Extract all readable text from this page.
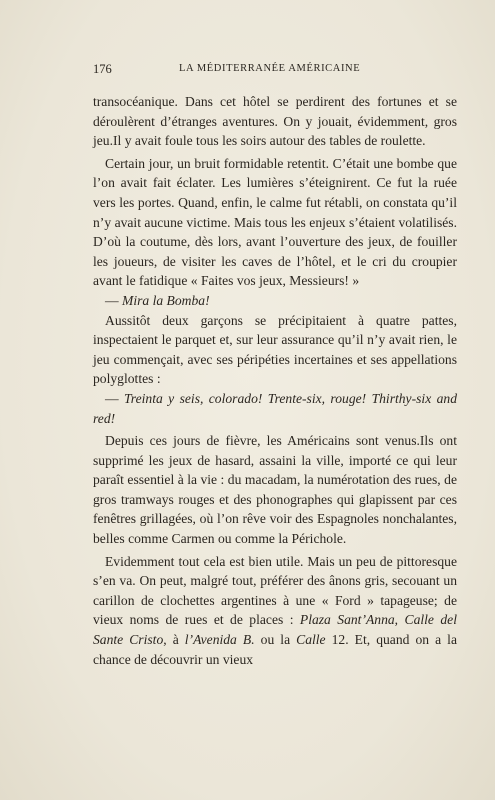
176	LA MÉDITERRANÉE AMÉRICAINE

transocéanique. Dans cet hôtel se perdirent des fortunes et se déroulèrent d’étranges aventures. On y jouait, évidemment, gros jeu.Il y avait foule tous les soirs autour des tables de roulette.

Certain jour, un bruit formidable retentit. C’était une bombe que l’on avait fait éclater. Les lumières s’éteignirent. Ce fut la ruée vers les portes. Quand, enfin, le calme fut rétabli, on constata qu’il n’y avait aucune victime. Mais tous les enjeux s’étaient volatilisés. D’où la coutume, dès lors, avant l’ouverture des jeux, de fouiller les joueurs, de visiter les caves de l’hôtel, et le cri du croupier avant le fatidique « Faites vos jeux, Messieurs! »

— Mira la Bomba!

Aussitôt deux garçons se précipitaient à quatre pattes, inspectaient le parquet et, sur leur assurance qu’il n’y avait rien, le jeu commençait, avec ses péripéties incertaines et ses appellations polyglottes :

— Treinta y seis, colorado! Trente-six, rouge! Thirthy-six and red!

Depuis ces jours de fièvre, les Américains sont venus.Ils ont supprimé les jeux de hasard, assaini la ville, importé ce qui leur paraît essentiel à la vie : du macadam, la numérotation des rues, de gros tramways rouges et des phonographes qui glapissent par ces fenêtres grillagées, où l’on rêve voir des Espagnoles nonchalantes, belles comme Carmen ou comme la Périchole.

Evidemment tout cela est bien utile. Mais un peu de pittoresque s’en va. On peut, malgré tout, préférer des ânons gris, secouant un carillon de clochettes argentines à une « Ford » tapageuse; de vieux noms de rues et de places : Plaza Sant’Anna, Calle del Sante Cristo, à l’Avenida B. ou la Calle 12. Et, quand on a la chance de découvrir un vieux
